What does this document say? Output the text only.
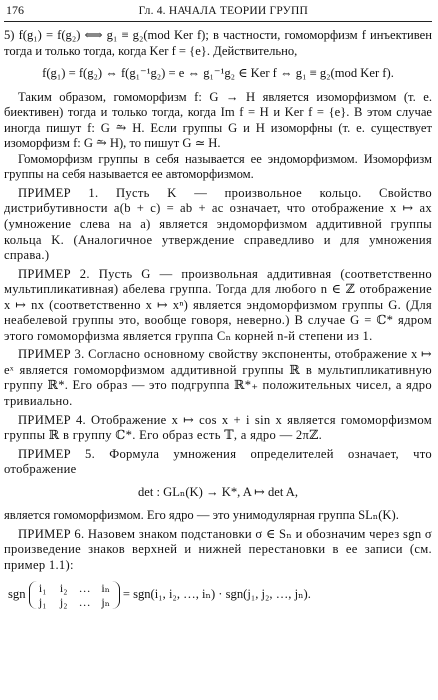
176	Гл. 4. НАЧАЛА ТЕОРИИ ГРУПП

5) f(g₁) = f(g₂) ⟺ g₁ ≡ g₂(mod Ker f); в частности, гомоморфизм f инъективен тогда и только тогда, когда Ker f = {e}. Действительно,

f(g₁) = f(g₂) ⇔ f(g₁⁻¹g₂) = e ⇔ g₁⁻¹g₂ ∈ Ker f ⇔ g₁ ≡ g₂(mod Ker f).

Таким образом, гомоморфизм f: G → H является изоморфизмом (т. е. биективен) тогда и только тогда, когда Im f = H и Ker f = {e}. В этом случае иногда пишут f: G ⥲ H. Если группы G и H изоморфны (т. е. существует изоморфизм f: G ⥲ H), то пишут G ≃ H.

Гомоморфизм группы в себя называется ее эндоморфизмом. Изоморфизм группы на себя называется ее автоморфизмом.

ПРИМЕР 1. Пусть K — произвольное кольцо. Свойство дистрибутивности a(b + c) = ab + ac означает, что отображение x ↦ ax (умножение слева на a) является эндоморфизмом аддитивной группы кольца K. (Аналогичное утверждение справедливо и для умножения справа.)

ПРИМЕР 2. Пусть G — произвольная аддитивная (соответственно мультипликативная) абелева группа. Тогда для любого n ∈ ℤ отображение x ↦ nx (соответственно x ↦ xⁿ) является эндоморфизмом группы G. (Для неабелевой группы это, вообще говоря, неверно.) В случае G = ℂ* ядром этого гомоморфизма является группа Cₙ корней n-й степени из 1.

ПРИМЕР 3. Согласно основному свойству экспоненты, отображение x ↦ eˣ является гомоморфизмом аддитивной группы ℝ в мультипликативную группу ℝ*. Его образ — это подгруппа ℝ*₊ положительных чисел, а ядро тривиально.

ПРИМЕР 4. Отображение x ↦ cos x + i sin x является гомоморфизмом группы ℝ в группу ℂ*. Его образ есть 𝕋, а ядро — 2πℤ.

ПРИМЕР 5. Формула умножения определителей означает, что отображение

det : GLₙ(K) → K*, A ↦ det A,

является гомоморфизмом. Его ядро — это унимодулярная группа SLₙ(K).

ПРИМЕР 6. Назовем знаком подстановки σ ∈ Sₙ и обозначим через sgn σ произведение знаков верхней и нижней перестановки в ее записи (см. пример 1.1):

sgn	i₁ i₂ … iₙ
j₁ j₂ … jₙ
= sgn(i₁, i₂, …, iₙ) · sgn(j₁, j₂, …, jₙ).
